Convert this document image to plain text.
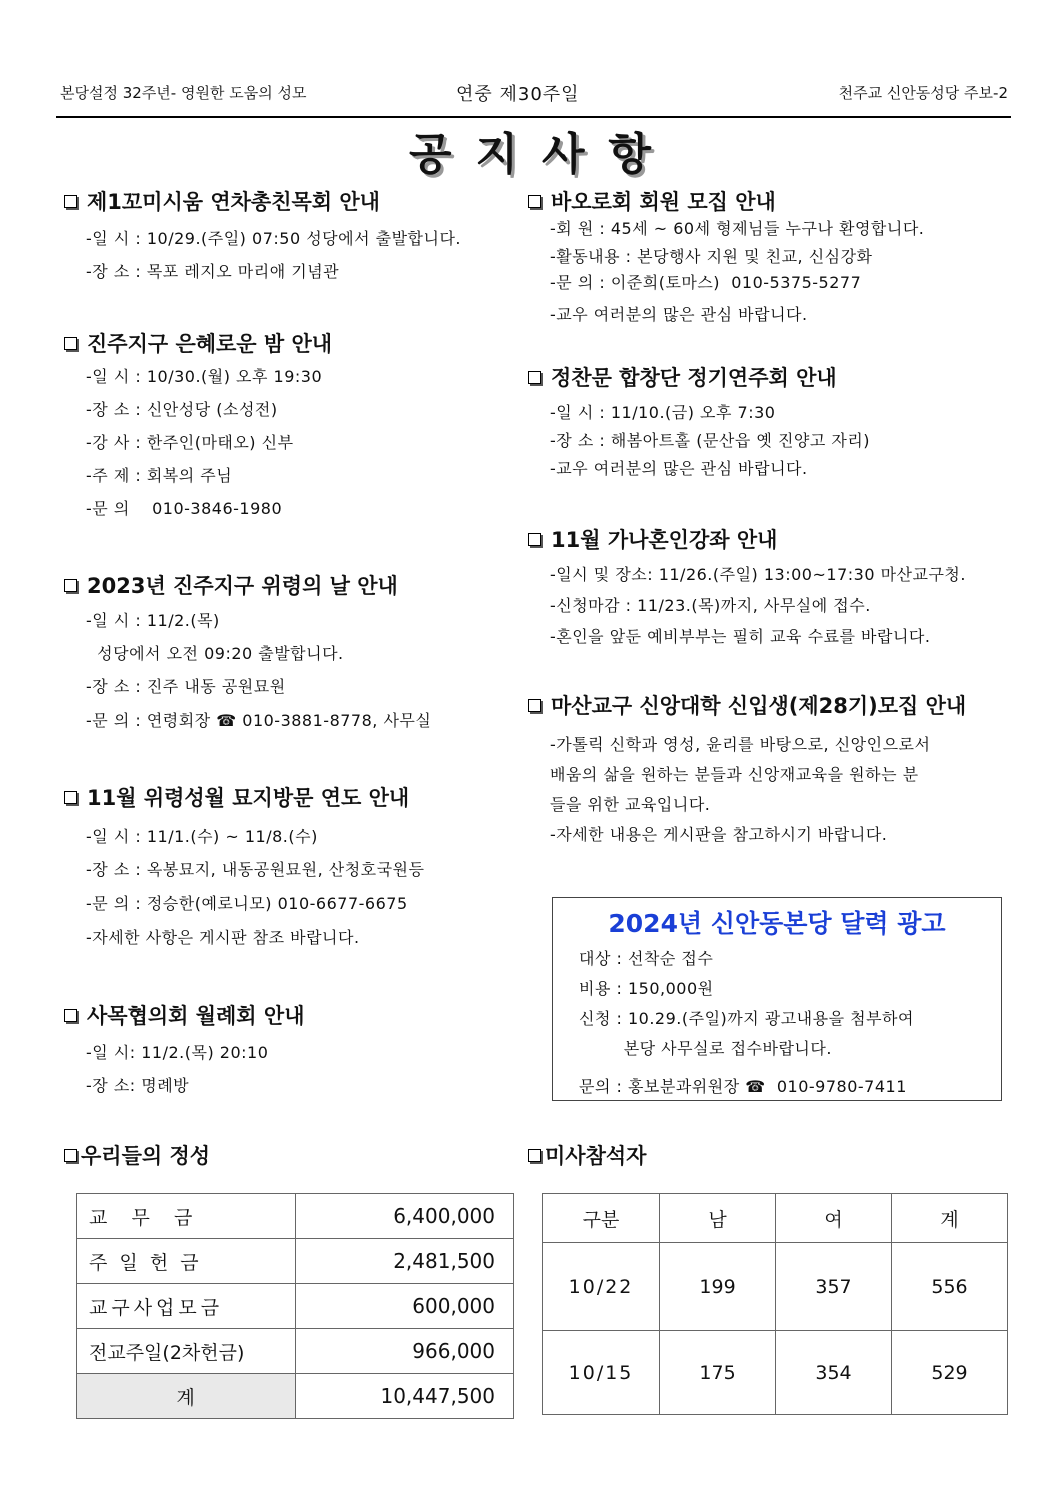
본당설정 32주년- 영원한 도움의 성모	연중 제30주일	천주교 신안동성당 주보-2
공지사항
제1꼬미시움 연차총친목회 안내
-일 시 : 10/29.(주일) 07:50 성당에서 출발합니다.
-장 소 : 목포 레지오 마리애 기념관
진주지구 은혜로운 밤 안내
-일 시 : 10/30.(월) 오후 19:30
-장 소 : 신안성당 (소성전)
-강 사 : 한주인(마태오) 신부
-주 제 : 회복의 주님
-문 의    010-3846-1980
2023년 진주지구 위령의 날 안내
-일 시 : 11/2.(목)
성당에서 오전 09:20 출발합니다.
-장 소 : 진주 내동 공원묘원
-문 의 : 연령회장 ☎ 010-3881-8778, 사무실
11월 위령성월 묘지방문 연도 안내
-일 시 : 11/1.(수) ~ 11/8.(수)
-장 소 : 옥봉묘지, 내동공원묘원, 산청호국원등
-문 의 : 정승한(예로니모) 010-6677-6675
-자세한 사항은 게시판 참조 바랍니다.
사목협의회 월례회 안내
-일 시: 11/2.(목) 20:10
-장 소: 명례방
바오로회 회원 모집 안내
-회 원 : 45세 ~ 60세 형제님들 누구나 환영합니다.
-활동내용 : 본당행사 지원 및 친교, 신심강화
-문 의 : 이준희(토마스)  010-5375-5277
-교우 여러분의 많은 관심 바랍니다.
정찬문 합창단 정기연주회 안내
-일 시 : 11/10.(금) 오후 7:30
-장 소 : 해봄아트홀 (문산읍 옛 진양고 자리)
-교우 여러분의 많은 관심 바랍니다.
11월 가나혼인강좌 안내
-일시 및 장소: 11/26.(주일) 13:00~17:30 마산교구청.
-신청마감 : 11/23.(목)까지, 사무실에 접수.
-혼인을 앞둔 예비부부는 필히 교육 수료를 바랍니다.
마산교구 신앙대학 신입생(제28기)모집 안내
-가톨릭 신학과 영성, 윤리를 바탕으로, 신앙인으로서
배움의 삶을 원하는 분들과 신앙재교육을 원하는 분
들을 위한 교육입니다.
-자세한 내용은 게시판을 참고하시기 바랍니다.
2024년 신안동본당 달력 광고
대상 : 선착순 접수
비용 : 150,000원
신청 : 10.29.(주일)까지 광고내용을 첨부하여
본당 사무실로 접수바랍니다.
문의 : 홍보분과위원장 ☎  010-9780-7411
우리들의 정성
교    무    금	6,400,000
주  일  헌  금	2,481,500
교구사업모금	600,000
전교주일(2차헌금)	966,000
계	10,447,500
미사참석자
구분	남	여	계
10/22	199	357	556
10/15	175	354	529
